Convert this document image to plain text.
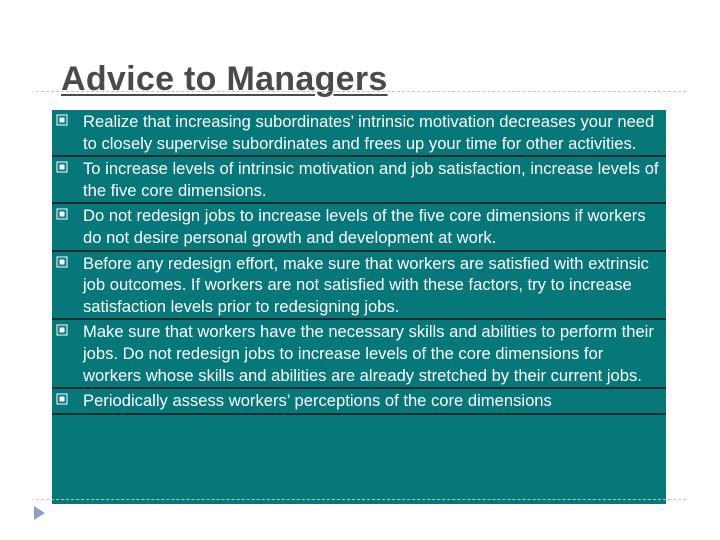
Advice to Managers
Realize that increasing subordinates’ intrinsic motivation decreases your need to closely supervise subordinates and frees up your time for other activities.
To increase levels of intrinsic motivation and job satisfaction, increase levels of the five core dimensions.
Do not redesign jobs to increase levels of the five core dimensions if workers do not desire personal growth and development at work.
Before any redesign effort, make sure that workers are satisfied with extrinsic job outcomes. If workers are not satisfied with these factors, try to increase satisfaction levels prior to redesigning jobs.
Make sure that workers have the necessary skills and abilities to perform their jobs. Do not redesign jobs to increase levels of the core dimensions for workers whose skills and abilities are already stretched by their current jobs.
Periodically assess workers’ perceptions of the core dimensions
